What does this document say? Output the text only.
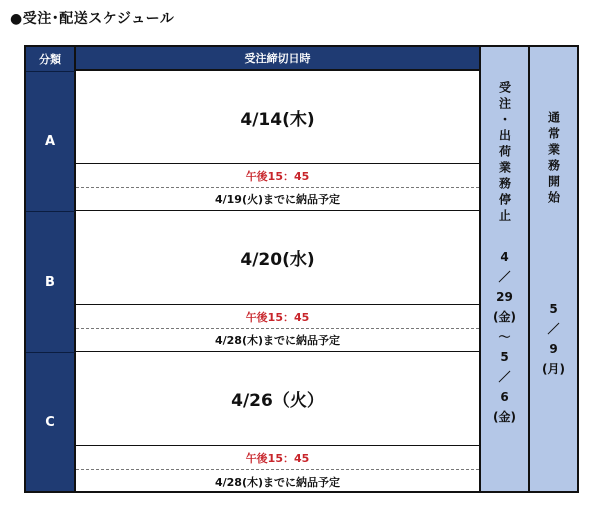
●受注･配送スケジュール
分類	受注締切日時
A
4/14(木)
午後15：45
4/19(火)までに納品予定
B
4/20(水)
午後15：45
4/28(木)までに納品予定
C
4/26（火）
午後15：45
4/28(木)までに納品予定
受注・出荷業務停止
4
／
29
(金)
～
5
／
6
(金)
通常業務開始
5
／
9
(月)
